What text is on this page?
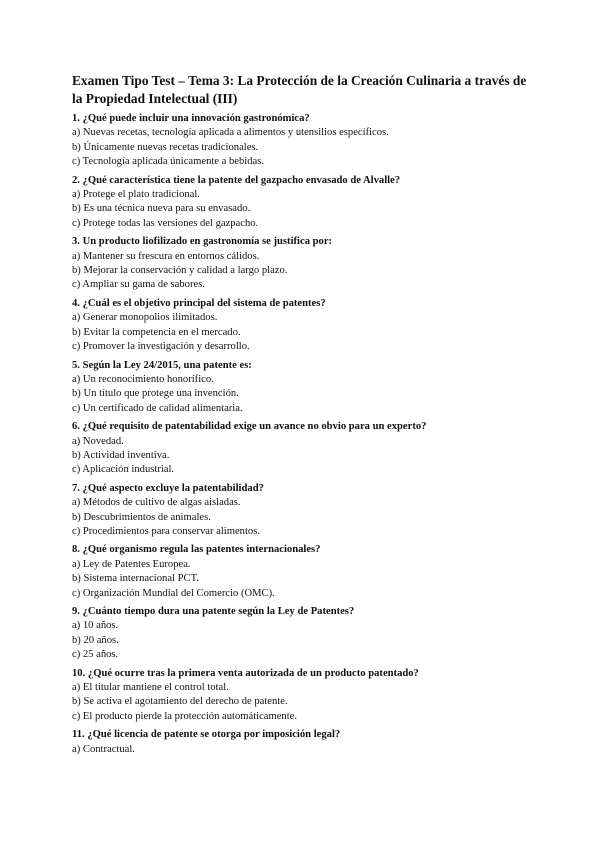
Examen Tipo Test – Tema 3: La Protección de la Creación Culinaria a través de la Propiedad Intelectual (III)

1. ¿Qué puede incluir una innovación gastronómica?

a) Nuevas recetas, tecnología aplicada a alimentos y utensilios específicos.
b) Únicamente nuevas recetas tradicionales.
c) Tecnología aplicada únicamente a bebidas.

2. ¿Qué característica tiene la patente del gazpacho envasado de Alvalle?

a) Protege el plato tradicional.
b) Es una técnica nueva para su envasado.
c) Protege todas las versiones del gazpacho.

3. Un producto liofilizado en gastronomía se justifica por:

a) Mantener su frescura en entornos cálidos.
b) Mejorar la conservación y calidad a largo plazo.
c) Ampliar su gama de sabores.

4. ¿Cuál es el objetivo principal del sistema de patentes?

a) Generar monopolios ilimitados.
b) Evitar la competencia en el mercado.
c) Promover la investigación y desarrollo.

5. Según la Ley 24/2015, una patente es:

a) Un reconocimiento honorífico.
b) Un título que protege una invención.
c) Un certificado de calidad alimentaria.

6. ¿Qué requisito de patentabilidad exige un avance no obvio para un experto?

a) Novedad.
b) Actividad inventiva.
c) Aplicación industrial.

7. ¿Qué aspecto excluye la patentabilidad?

a) Métodos de cultivo de algas aisladas.
b) Descubrimientos de animales.
c) Procedimientos para conservar alimentos.

8. ¿Qué organismo regula las patentes internacionales?

a) Ley de Patentes Europea.
b) Sistema internacional PCT.
c) Organización Mundial del Comercio (OMC).

9. ¿Cuánto tiempo dura una patente según la Ley de Patentes?

a) 10 años.
b) 20 años.
c) 25 años.

10. ¿Qué ocurre tras la primera venta autorizada de un producto patentado?

a) El titular mantiene el control total.
b) Se activa el agotamiento del derecho de patente.
c) El producto pierde la protección automáticamente.

11. ¿Qué licencia de patente se otorga por imposición legal?

a) Contractual.
